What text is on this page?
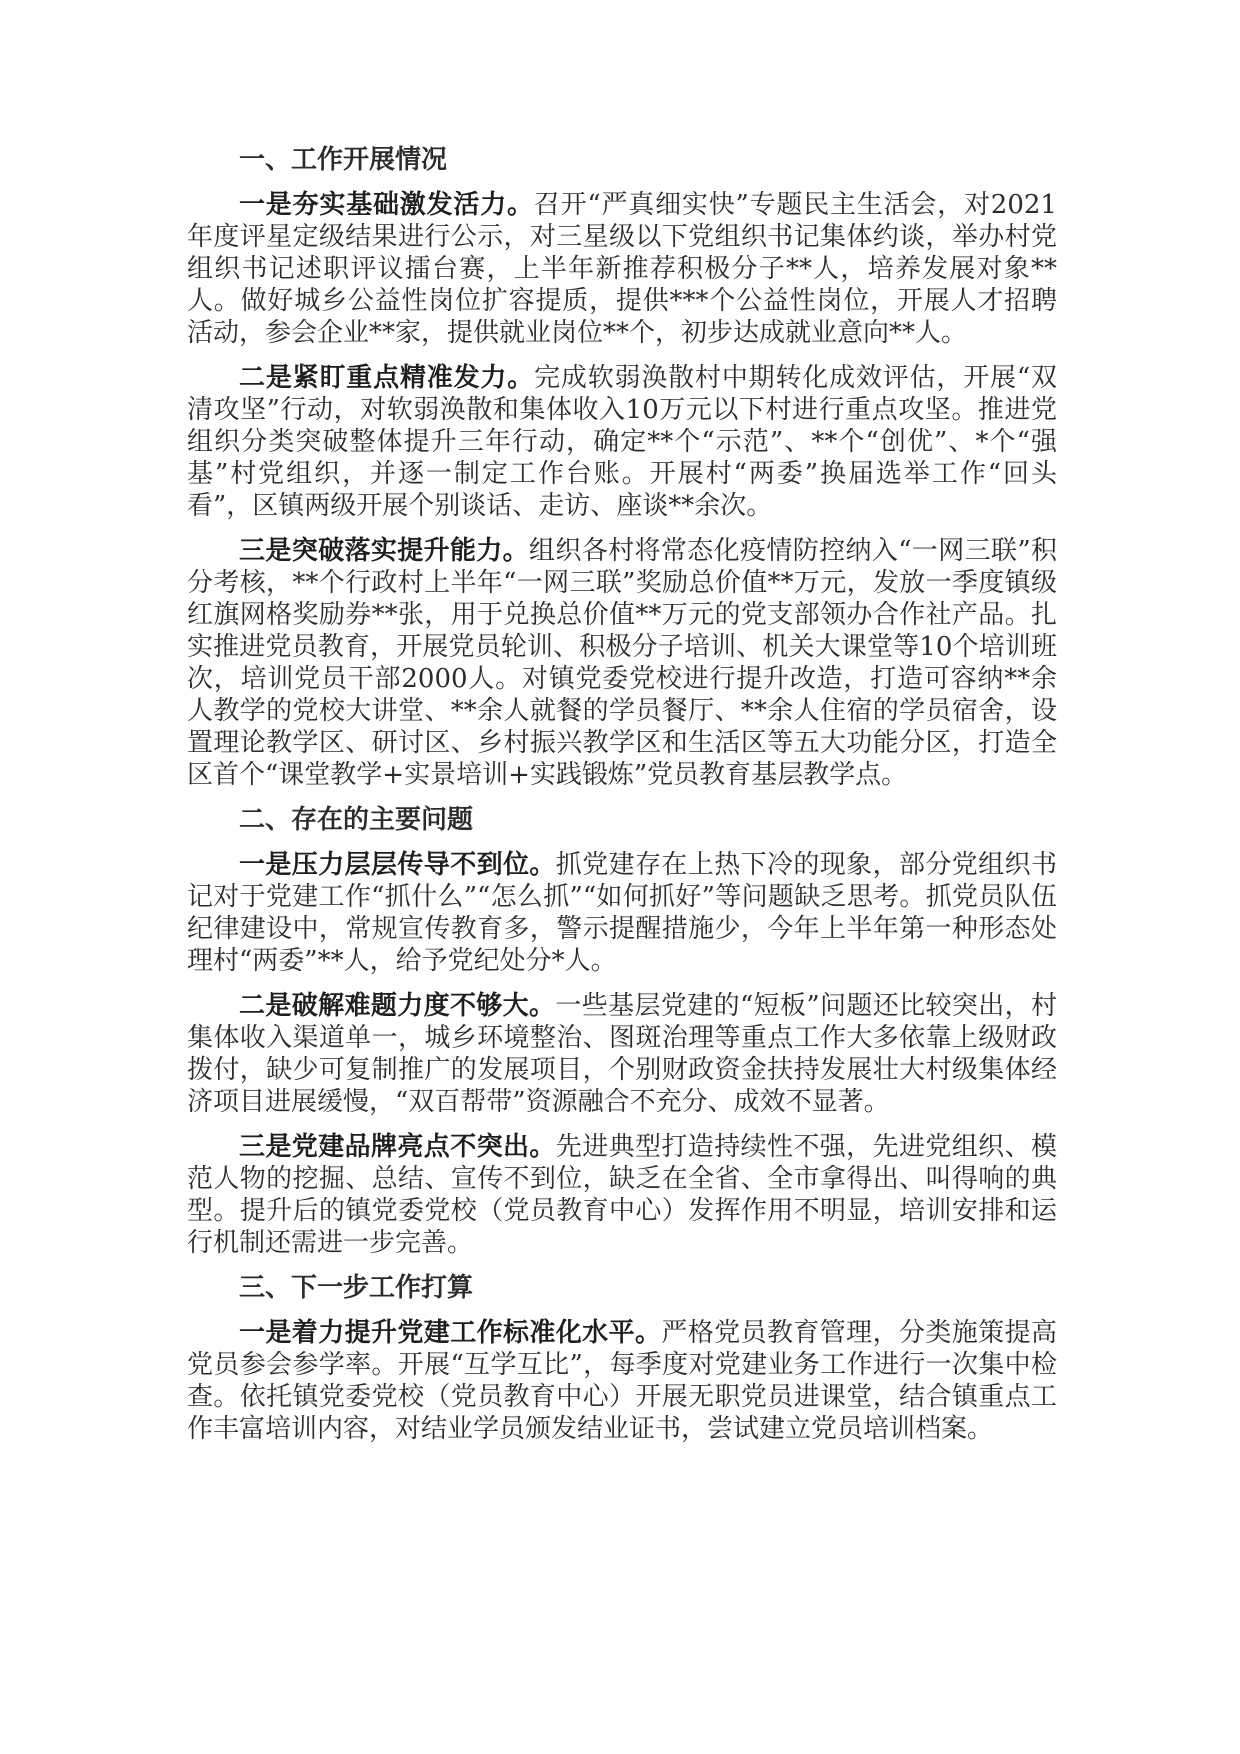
一、工作开展情况

一是夯实基础激发活力。召开“严真细实快”专题民主生活会，对2021年度评星定级结果进行公示，对三星级以下党组织书记集体约谈，举办村党组织书记述职评议擂台赛，上半年新推荐积极分子**人，培养发展对象**人。做好城乡公益性岗位扩容提质，提供***个公益性岗位，开展人才招聘活动，参会企业**家，提供就业岗位**个，初步达成就业意向**人。

二是紧盯重点精准发力。完成软弱涣散村中期转化成效评估，开展“双清攻坚”行动，对软弱涣散和集体收入10万元以下村进行重点攻坚。推进党组织分类突破整体提升三年行动，确定**个“示范”、**个“创优”、*个“强基”村党组织，并逐一制定工作台账。开展村“两委”换届选举工作“回头看”，区镇两级开展个别谈话、走访、座谈**余次。

三是突破落实提升能力。组织各村将常态化疫情防控纳入“一网三联”积分考核，**个行政村上半年“一网三联”奖励总价值**万元，发放一季度镇级红旗网格奖励券**张，用于兑换总价值**万元的党支部领办合作社产品。扎实推进党员教育，开展党员轮训、积极分子培训、机关大课堂等10个培训班次，培训党员干部2000人。对镇党委党校进行提升改造，打造可容纳**余人教学的党校大讲堂、**余人就餐的学员餐厅、**余人住宿的学员宿舍，设置理论教学区、研讨区、乡村振兴教学区和生活区等五大功能分区，打造全区首个“课堂教学+实景培训+实践锻炼”党员教育基层教学点。

二、存在的主要问题

一是压力层层传导不到位。抓党建存在上热下冷的现象，部分党组织书记对于党建工作“抓什么”“怎么抓”“如何抓好”等问题缺乏思考。抓党员队伍纪律建设中，常规宣传教育多，警示提醒措施少，今年上半年第一种形态处理村“两委”**人，给予党纪处分*人。

二是破解难题力度不够大。一些基层党建的“短板”问题还比较突出，村集体收入渠道单一，城乡环境整治、图斑治理等重点工作大多依靠上级财政拨付，缺少可复制推广的发展项目，个别财政资金扶持发展壮大村级集体经济项目进展缓慢，“双百帮带”资源融合不充分、成效不显著。

三是党建品牌亮点不突出。先进典型打造持续性不强，先进党组织、模范人物的挖掘、总结、宣传不到位，缺乏在全省、全市拿得出、叫得响的典型。提升后的镇党委党校（党员教育中心）发挥作用不明显，培训安排和运行机制还需进一步完善。

三、下一步工作打算

一是着力提升党建工作标准化水平。严格党员教育管理，分类施策提高党员参会参学率。开展“互学互比”，每季度对党建业务工作进行一次集中检查。依托镇党委党校（党员教育中心）开展无职党员进课堂，结合镇重点工作丰富培训内容，对结业学员颁发结业证书，尝试建立党员培训档案。
